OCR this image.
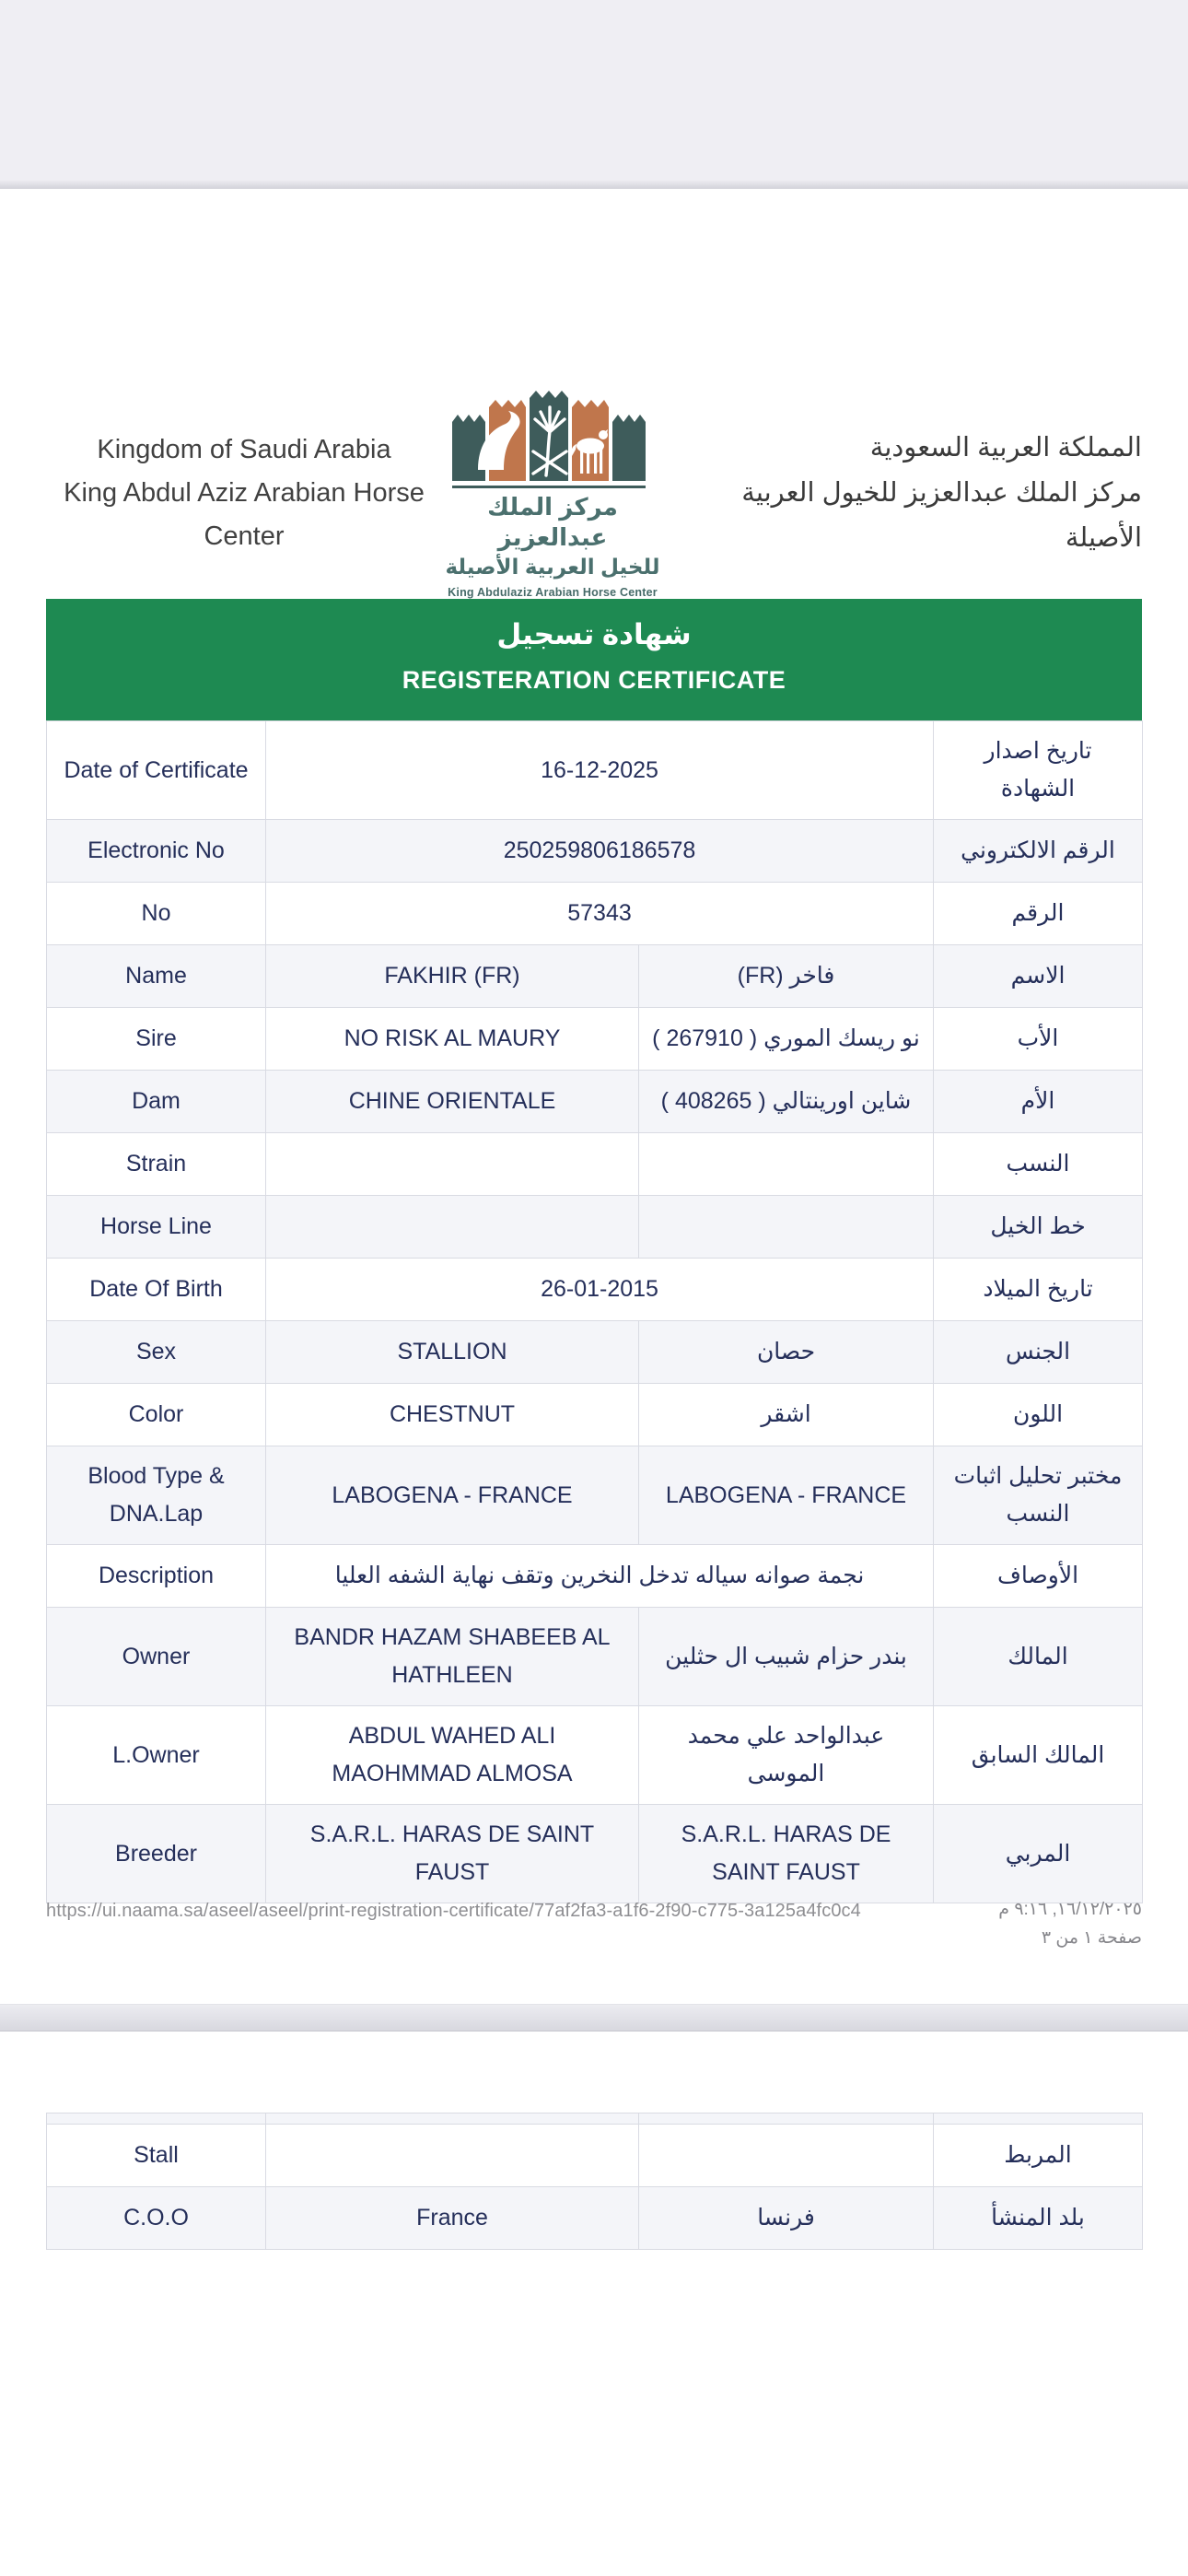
Kingdom of Saudi Arabia
King Abdul Aziz Arabian Horse Center
مركز الملك عبدالعزيز
للخيل العربية الأصيلة
King Abdulaziz Arabian Horse Center
المملكة العربية السعودية
مركز الملك عبدالعزيز للخيول العربية الأصيلة
شهادة تسجيل
REGISTERATION CERTIFICATE
Date of Certificate	16-12-2025		تاريخ اصدار الشهادة
Electronic No	250259806186578		الرقم الالكتروني
No	57343		الرقم
Name	FAKHIR (FR)	فاخر (FR)	الاسم
Sire	NO RISK AL MAURY	نو ريسك الموري ( 267910 )	الأب
Dam	CHINE ORIENTALE	شاين اورينتالي ( 408265 )	الأم
Strain			النسب
Horse Line			خط الخيل
Date Of Birth	26-01-2015		تاريخ الميلاد
Sex	STALLION	حصان	الجنس
Color	CHESTNUT	اشقر	اللون
Blood Type & DNA.Lap	LABOGENA - FRANCE	LABOGENA - FRANCE	مختبر تحليل اثبات النسب
Description	نجمة صوانه سياله تدخل النخرين وتقف نهاية الشفه العليا		الأوصاف
Owner	BANDR HAZAM SHABEEB AL HATHLEEN	بندر حزام شبيب ال حثلين	المالك
L.Owner	ABDUL WAHED ALI MAOHMMAD ALMOSA	عبدالواحد علي محمد الموسى	المالك السابق
Breeder	S.A.R.L. HARAS DE SAINT FAUST	S.A.R.L. HARAS DE SAINT FAUST	المربي
https://ui.naama.sa/aseel/aseel/print-registration-certificate/77af2fa3-a1f6-2f90-c775-3a125a4fc0c4	١٦/١٢/٢٠٢٥, ٩:١٦ م
صفحة ١ من ٣

Stall			المربط
C.O.O	France	فرنسا	بلد المنشأ
